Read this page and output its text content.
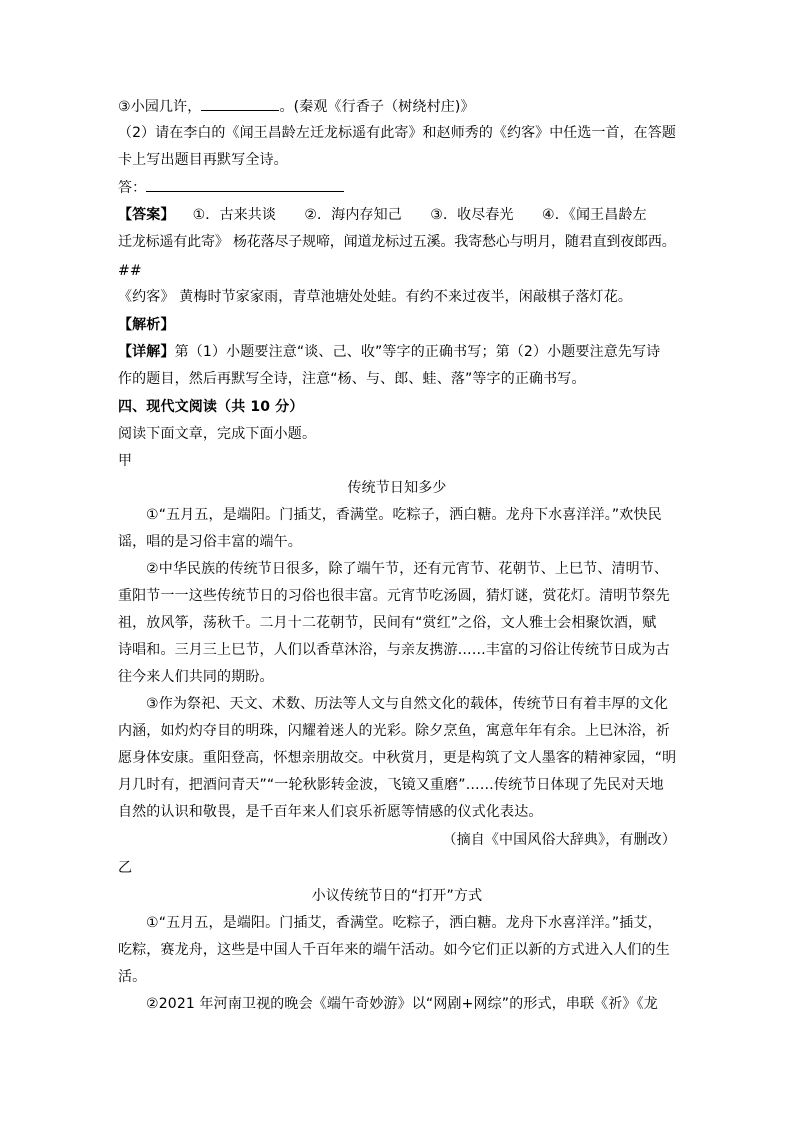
③小园几许，	。(秦观《行香子（树绕村庄)》
（2）请在李白的《闻王昌龄左迁龙标遥有此寄》和赵师秀的《约客》中任选一首，在答题
卡上写出题目再默写全诗。
答：
【答案】 ①．古来共谈　　②．海内存知己　　③．收尽春光　　④．《闻王昌龄左
迁龙标遥有此寄》 杨花落尽子规啼，闻道龙标过五溪。我寄愁心与明月，随君直到夜郎西。
##
《约客》 黄梅时节家家雨，青草池塘处处蛙。有约不来过夜半，闲敲棋子落灯花。
【解析】
【详解】第（1）小题要注意“谈、己、收”等字的正确书写；第（2）小题要注意先写诗
作的题目，然后再默写全诗，注意“杨、与、郎、蛙、落”等字的正确书写。
四、现代文阅读（共 10 分）
阅读下面文章，完成下面小题。
甲
传统节日知多少
①“五月五，是端阳。门插艾，香满堂。吃粽子，洒白糖。龙舟下水喜洋洋。”欢快民
谣，唱的是习俗丰富的端午。
②中华民族的传统节日很多，除了端午节，还有元宵节、花朝节、上巳节、清明节、
重阳节一一这些传统节日的习俗也很丰富。元宵节吃汤圆，猜灯谜，赏花灯。清明节祭先
祖，放风筝，荡秋千。二月十二花朝节，民间有“赏红”之俗，文人雅士会相聚饮酒，赋
诗唱和。三月三上巳节，人们以香草沐浴，与亲友携游……丰富的习俗让传统节日成为古
往今来人们共同的期盼。
③作为祭祀、天文、术数、历法等人文与自然文化的载体，传统节日有着丰厚的文化
内涵，如灼灼夺目的明珠，闪耀着迷人的光彩。除夕烹鱼，寓意年年有余。上巳沐浴，祈
愿身体安康。重阳登高，怀想亲朋故交。中秋赏月，更是构筑了文人墨客的精神家园，“明
月几时有，把酒问青天”“一轮秋影转金波，飞镜又重磨”……传统节日体现了先民对天地
自然的认识和敬畏，是千百年来人们哀乐祈愿等情感的仪式化表达。
（摘自《中国风俗大辞典》，有删改）
乙
小议传统节日的“打开”方式
①“五月五，是端阳。门插艾，香满堂。吃粽子，洒白糖。龙舟下水喜洋洋。”插艾，
吃粽，赛龙舟，这些是中国人千百年来的端午活动。如今它们正以新的方式进入人们的生
活。
②2021 年河南卫视的晚会《端午奇妙游》以“网剧+网综”的形式，串联《祈》《龙
